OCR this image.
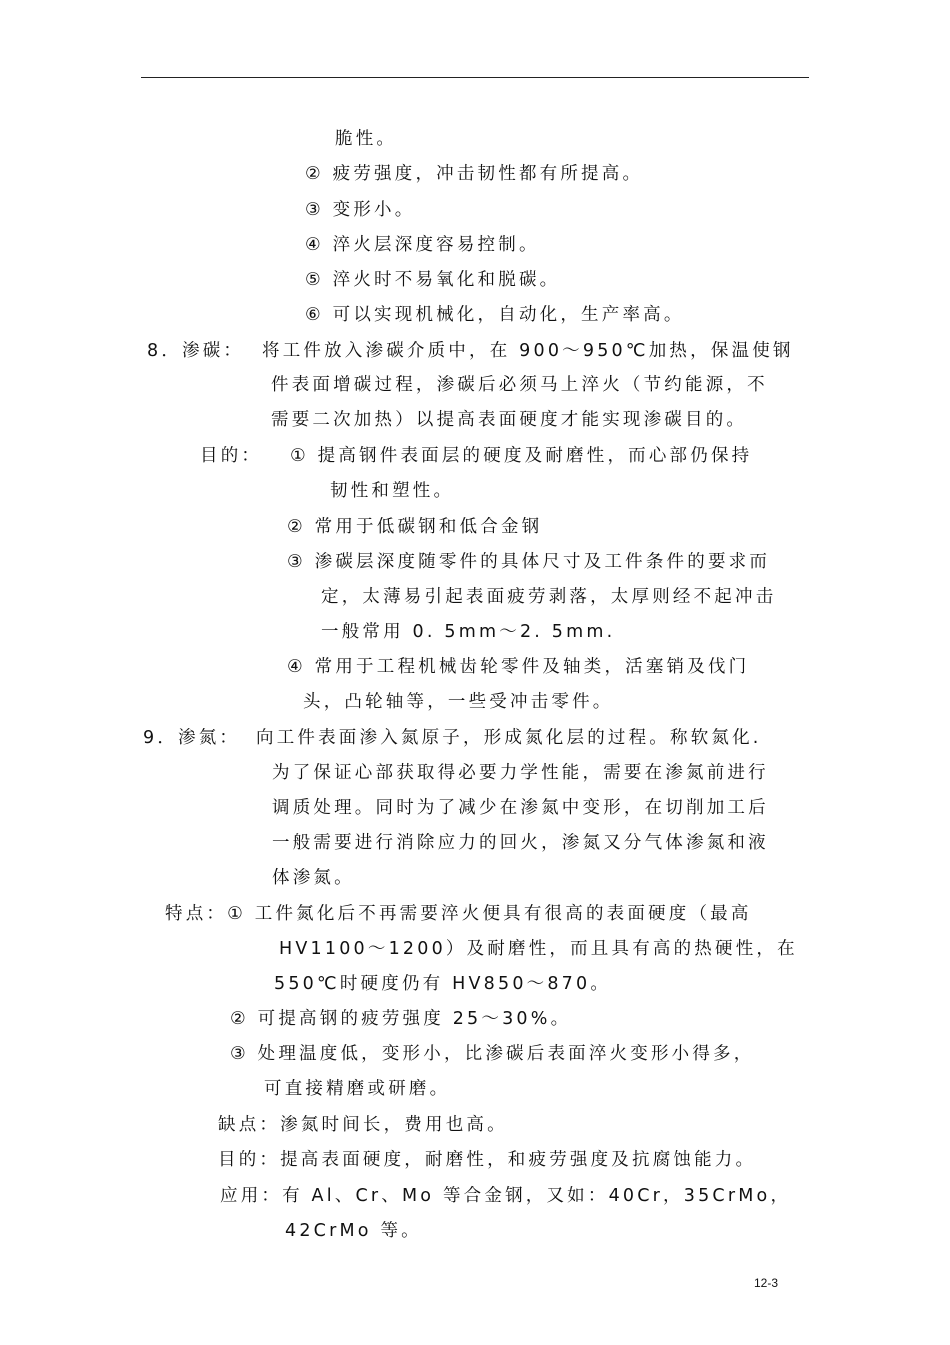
脆性。
② 疲劳强度，冲击韧性都有所提高。
③ 变形小。
④ 淬火层深度容易控制。
⑤ 淬火时不易氧化和脱碳。
⑥ 可以实现机械化，自动化，生产率高。
8．渗碳： 将工件放入渗碳介质中，在 900～950℃加热，保温使钢
件表面增碳过程，渗碳后必须马上淬火（节约能源，不
需要二次加热）以提高表面硬度才能实现渗碳目的。
目的： ① 提高钢件表面层的硬度及耐磨性，而心部仍保持
韧性和塑性。
② 常用于低碳钢和低合金钢
③ 渗碳层深度随零件的具体尺寸及工件条件的要求而
定，太薄易引起表面疲劳剥落，太厚则经不起冲击
一般常用 0. 5mm～2. 5mm.
④ 常用于工程机械齿轮零件及轴类，活塞销及伐门
头，凸轮轴等，一些受冲击零件。
9．渗氮： 向工件表面渗入氮原子，形成氮化层的过程。称软氮化.
为了保证心部获取得必要力学性能，需要在渗氮前进行
调质处理。同时为了减少在渗氮中变形，在切削加工后
一般需要进行消除应力的回火，渗氮又分气体渗氮和液
体渗氮。
特点：① 工件氮化后不再需要淬火便具有很高的表面硬度（最高
HV1100～1200）及耐磨性，而且具有高的热硬性，在
550℃时硬度仍有 HV850～870。
② 可提高钢的疲劳强度 25～30%。
③ 处理温度低，变形小，比渗碳后表面淬火变形小得多，
可直接精磨或研磨。
缺点：渗氮时间长，费用也高。
目的：提高表面硬度，耐磨性，和疲劳强度及抗腐蚀能力。
应用：有 Al、Cr、Mo 等合金钢，又如：40Cr，35CrMo，
42CrMo 等。
12-3
